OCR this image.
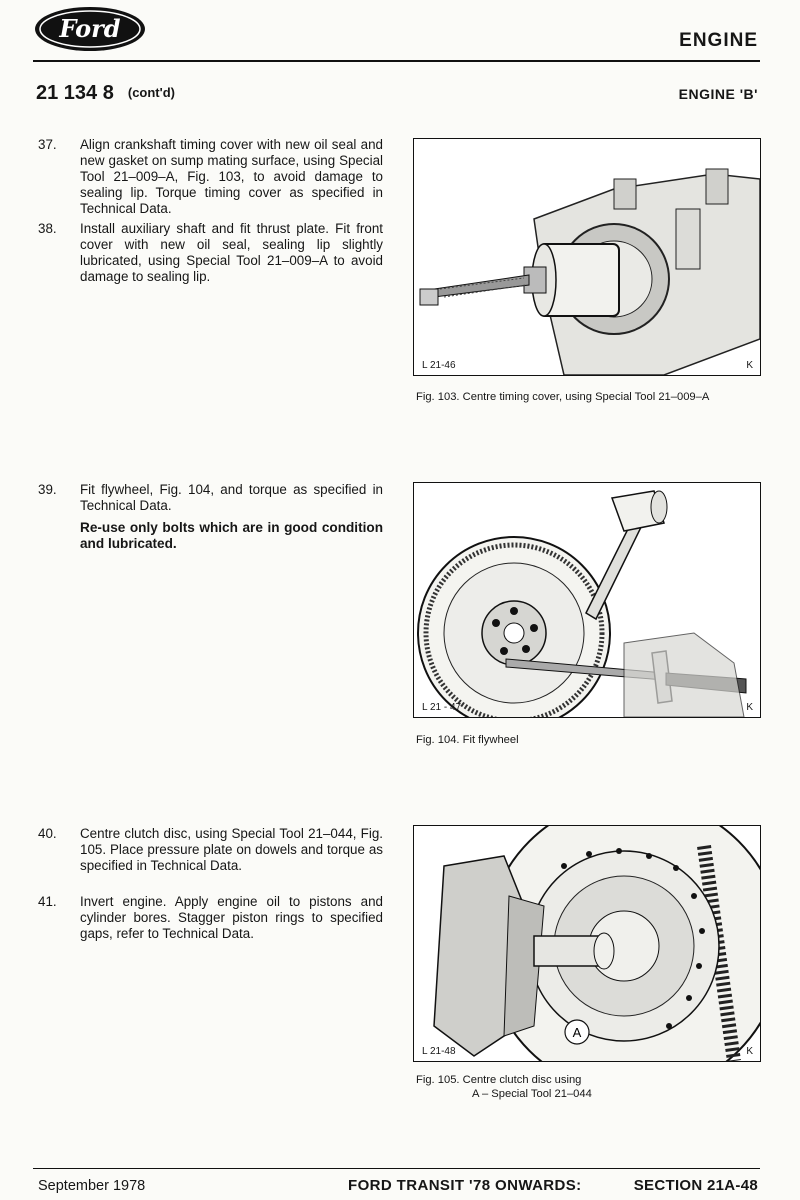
Ford	ENGINE
21 134 8 (cont'd)	ENGINE 'B'
37.	Align crankshaft timing cover with new oil seal and new gasket on sump mating surface, using Special Tool 21–009–A, Fig. 103, to avoid damage to sealing lip. Torque timing cover as specified in Technical Data.

38.	Install auxiliary shaft and fit thrust plate. Fit front cover with new oil seal, sealing lip slightly lubricated, using Special Tool 21–009–A to avoid damage to sealing lip.

39.	Fit flywheel, Fig. 104, and torque as specified in Technical Data.

Re-use only bolts which are in good condition and lubricated.

40.	Centre clutch disc, using Special Tool 21–044, Fig. 105. Place pressure plate on dowels and torque as specified in Technical Data.

41.	Invert engine. Apply engine oil to pistons and cylinder bores. Stagger piston rings to specified gaps, refer to Technical Data.

L 21-46	K
Fig. 103. Centre timing cover, using Special Tool 21–009–A
L 21 - 47	K
Fig. 104. Fit flywheel
A
L 21-48	K
Fig. 105. Centre clutch disc using
A – Special Tool 21–044
September 1978	FORD TRANSIT '78 ONWARDS:	SECTION 21A-48
